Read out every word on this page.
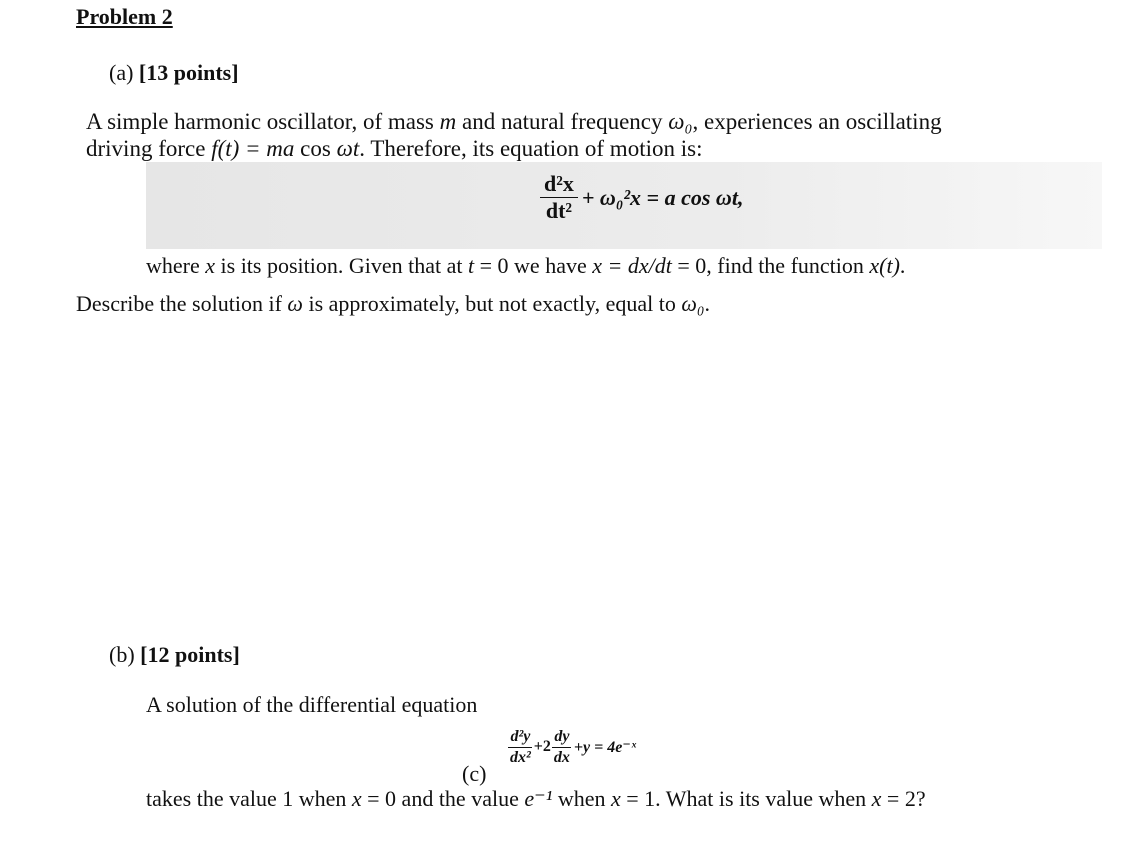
Problem 2
(a) [13 points]
A simple harmonic oscillator, of mass m and natural frequency ω₀, experiences an oscillating
driving force f(t) = ma cos ωt. Therefore, its equation of motion is:
$\frac{\text{d²x}}{\text{dt²}} + \omega_0^2x = a$ cos ωt,
where x is its position. Given that at t = 0 we have x = dx/dt = 0, find the function x(t).
Describe the solution if ω is approximately, but not exactly, equal to ω₀.
(b) [12 points]
A solution of the differential equation
$\frac{\text{d²y}}{\text{dx²}} +2 \frac{dy}{dx} +y$ = 4e⁻ˣ
(c)
takes the value 1 when x = 0 and the value e⁻¹ when x = 1. What is its value when x = 2?
